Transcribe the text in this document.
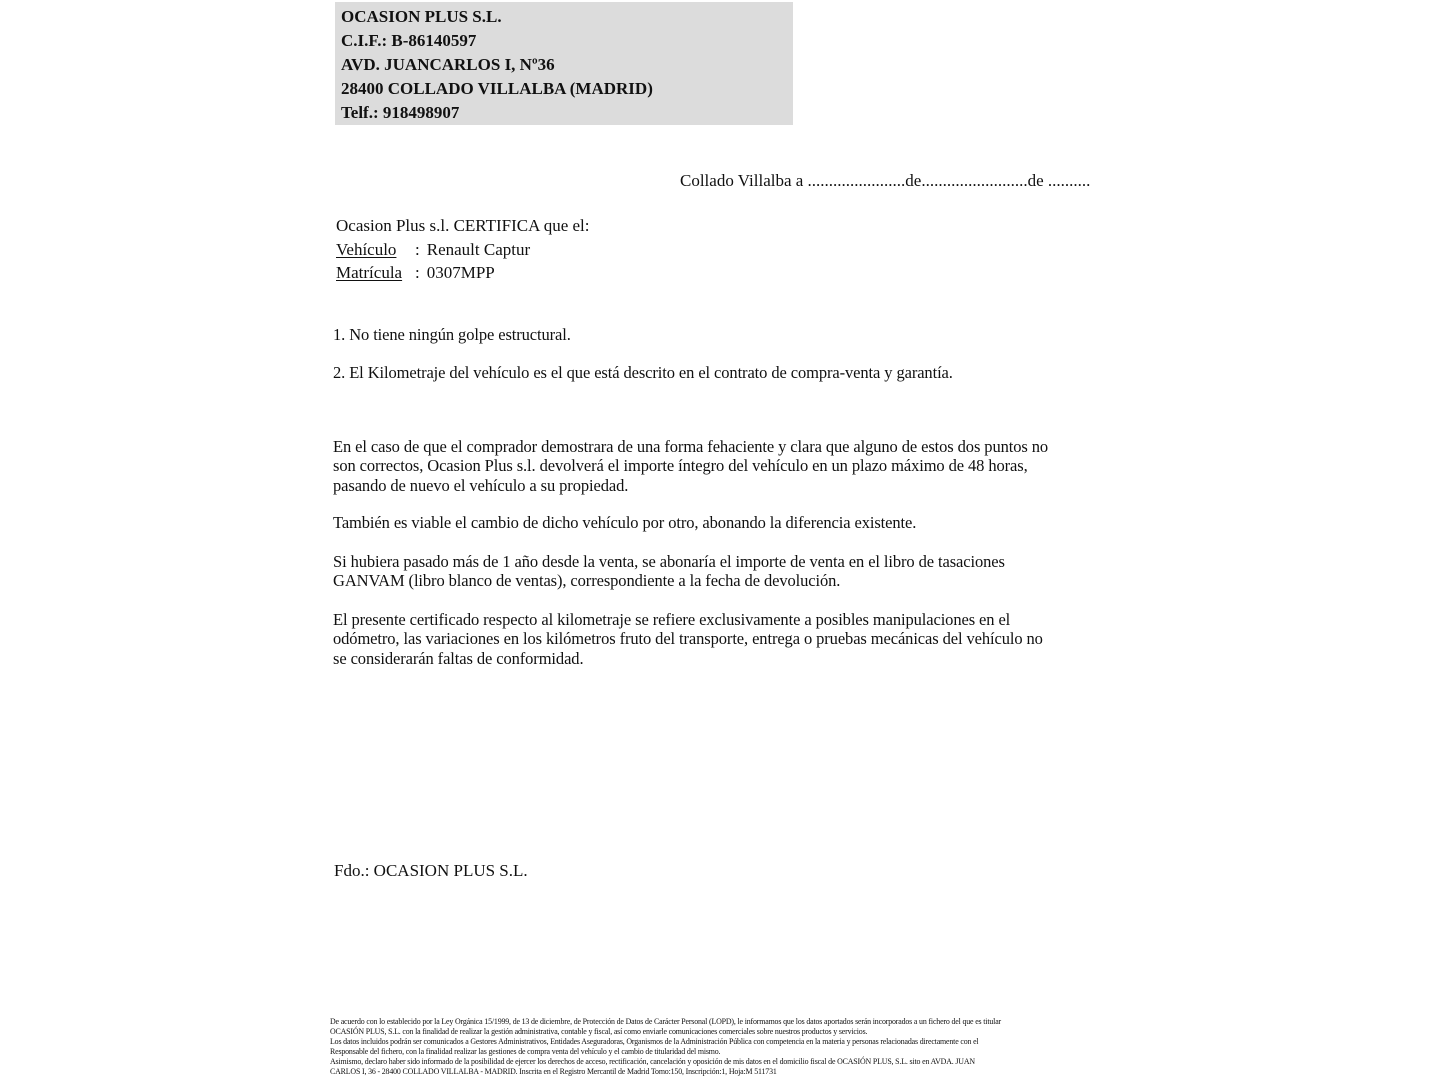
OCASION PLUS S.L.
C.I.F.: B-86140597
AVD. JUANCARLOS I, Nº36
28400 COLLADO VILLALBA (MADRID)
Telf.: 918498907
Collado Villalba a .......................de.........................de ..........
Ocasion Plus s.l. CERTIFICA que el:
Vehículo : Renault Captur
Matrícula : 0307MPP
1. No tiene ningún golpe estructural.
2. El Kilometraje del vehículo es el que está descrito en el contrato de compra-venta y garantía.
En el caso de que el comprador demostrara de una forma fehaciente y clara que alguno de estos dos puntos no
son correctos, Ocasion Plus s.l. devolverá el importe íntegro del vehículo en un plazo máximo de 48 horas,
pasando de nuevo el vehículo a su propiedad.
También es viable el cambio de dicho vehículo por otro, abonando la diferencia existente.
Si hubiera pasado más de 1 año desde la venta, se abonaría el importe de venta en el libro de tasaciones
GANVAM (libro blanco de ventas), correspondiente a la fecha de devolución.
El presente certificado respecto al kilometraje se refiere exclusivamente a posibles manipulaciones en el
odómetro, las variaciones en los kilómetros fruto del transporte, entrega o pruebas mecánicas del vehículo no
se considerarán faltas de conformidad.
Fdo.: OCASION PLUS S.L.
De acuerdo con lo establecido por la Ley Orgánica 15/1999, de 13 de diciembre, de Protección de Datos de Carácter Personal (LOPD), le informamos que los datos aportados serán incorporados a un fichero del que es titular
OCASIÓN PLUS, S.L. con la finalidad de realizar la gestión administrativa, contable y fiscal, así como enviarle comunicaciones comerciales sobre nuestros productos y servicios.
Los datos incluidos podrán ser comunicados a Gestores Administrativos, Entidades Aseguradoras, Organismos de la Administración Pública con competencia en la materia y personas relacionadas directamente con el
Responsable del fichero, con la finalidad realizar las gestiones de compra venta del vehículo y el cambio de titularidad del mismo.
Asimismo, declaro haber sido informado de la posibilidad de ejercer los derechos de acceso, rectificación, cancelación y oposición de mis datos en el domicilio fiscal de OCASIÓN PLUS, S.L. sito en AVDA. JUAN
CARLOS I, 36 - 28400 COLLADO VILLALBA - MADRID. Inscrita en el Registro Mercantil de Madrid Tomo:150, Inscripción:1, Hoja:M 511731
